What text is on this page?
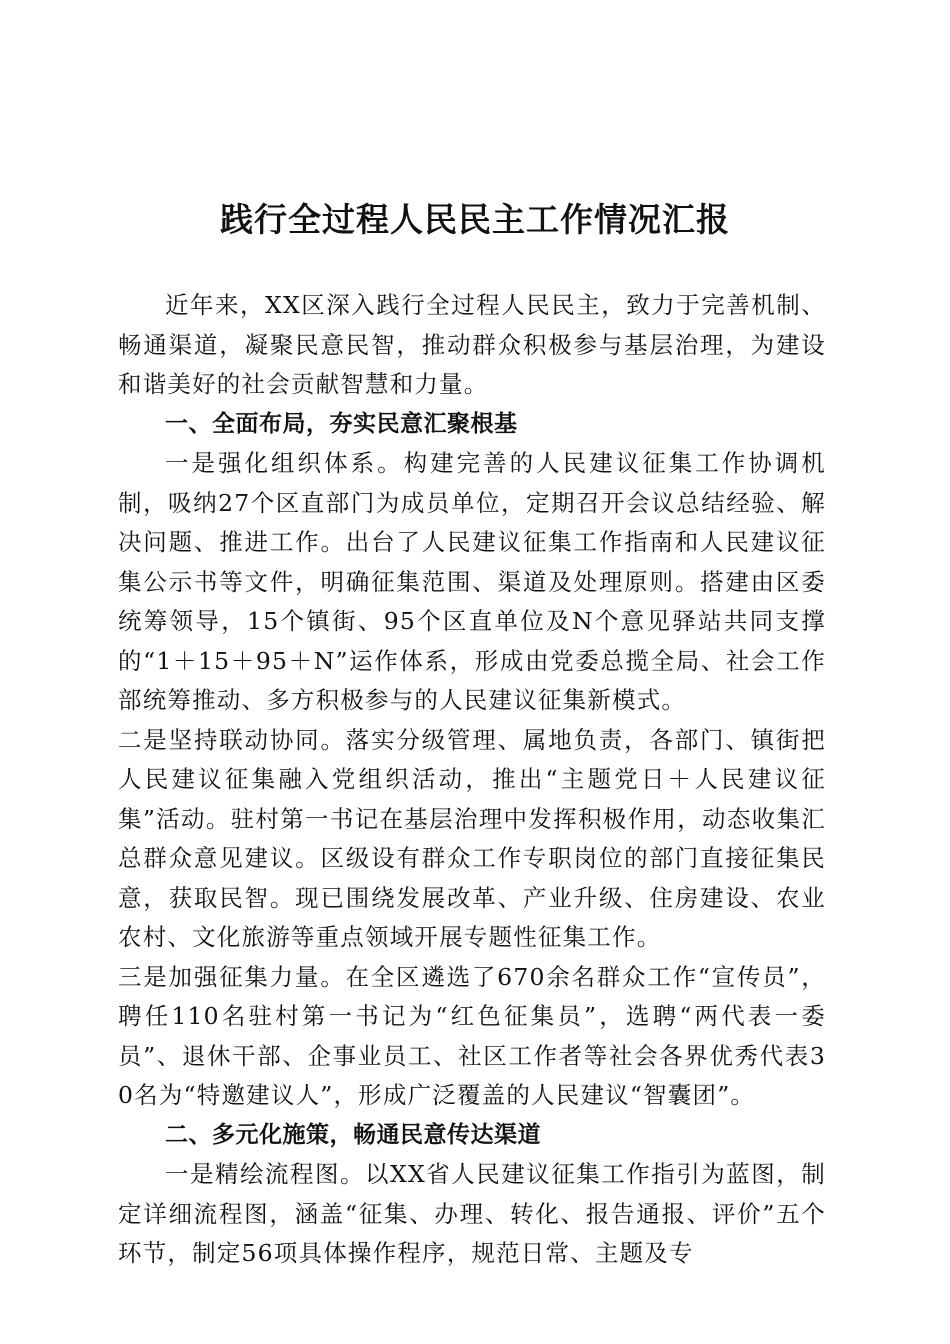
践行全过程人民民主工作情况汇报

近年来，XX区深入践行全过程人民民主，致力于完善机制、畅通渠道，凝聚民意民智，推动群众积极参与基层治理，为建设和谐美好的社会贡献智慧和力量。

一、全面布局，夯实民意汇聚根基

一是强化组织体系。构建完善的人民建议征集工作协调机制，吸纳27个区直部门为成员单位，定期召开会议总结经验、解决问题、推进工作。出台了人民建议征集工作指南和人民建议征集公示书等文件，明确征集范围、渠道及处理原则。搭建由区委统筹领导，15个镇街、95个区直单位及N个意见驿站共同支撑的“1＋15＋95＋N”运作体系，形成由党委总揽全局、社会工作部统筹推动、多方积极参与的人民建议征集新模式。

二是坚持联动协同。落实分级管理、属地负责，各部门、镇街把人民建议征集融入党组织活动，推出“主题党日＋人民建议征集”活动。驻村第一书记在基层治理中发挥积极作用，动态收集汇总群众意见建议。区级设有群众工作专职岗位的部门直接征集民意，获取民智。现已围绕发展改革、产业升级、住房建设、农业农村、文化旅游等重点领域开展专题性征集工作。

三是加强征集力量。在全区遴选了670余名群众工作“宣传员”，聘任110名驻村第一书记为“红色征集员”，选聘“两代表一委员”、退休干部、企事业员工、社区工作者等社会各界优秀代表30名为“特邀建议人”，形成广泛覆盖的人民建议“智囊团”。

二、多元化施策，畅通民意传达渠道

一是精绘流程图。以XX省人民建议征集工作指引为蓝图，制定详细流程图，涵盖“征集、办理、转化、报告通报、评价”五个环节，制定56项具体操作程序，规范日常、主题及专
